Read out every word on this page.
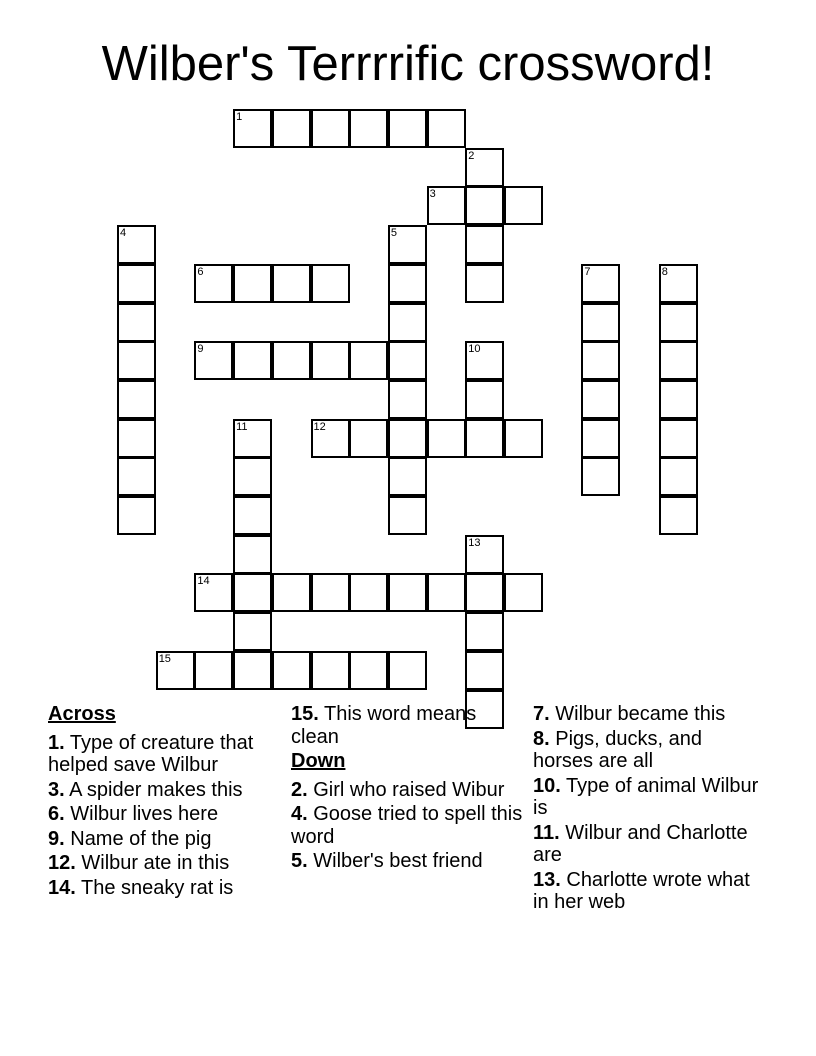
Wilber's Terrrrific crossword!
1
2
3
4	5
6	7	8
9	10
11	12
13
14
15
Across
1. Type of creature that helped save Wilbur
3. A spider makes this
6. Wilbur lives here
9. Name of the pig
12. Wilbur ate in this
14. The sneaky rat is
15. This word means clean
Down
2. Girl who raised Wibur
4. Goose tried to spell this word
5. Wilber's best friend
7. Wilbur became this
8. Pigs, ducks, and horses are all
10. Type of animal Wilbur is
11. Wilbur and Charlotte are
13. Charlotte wrote what in her web
